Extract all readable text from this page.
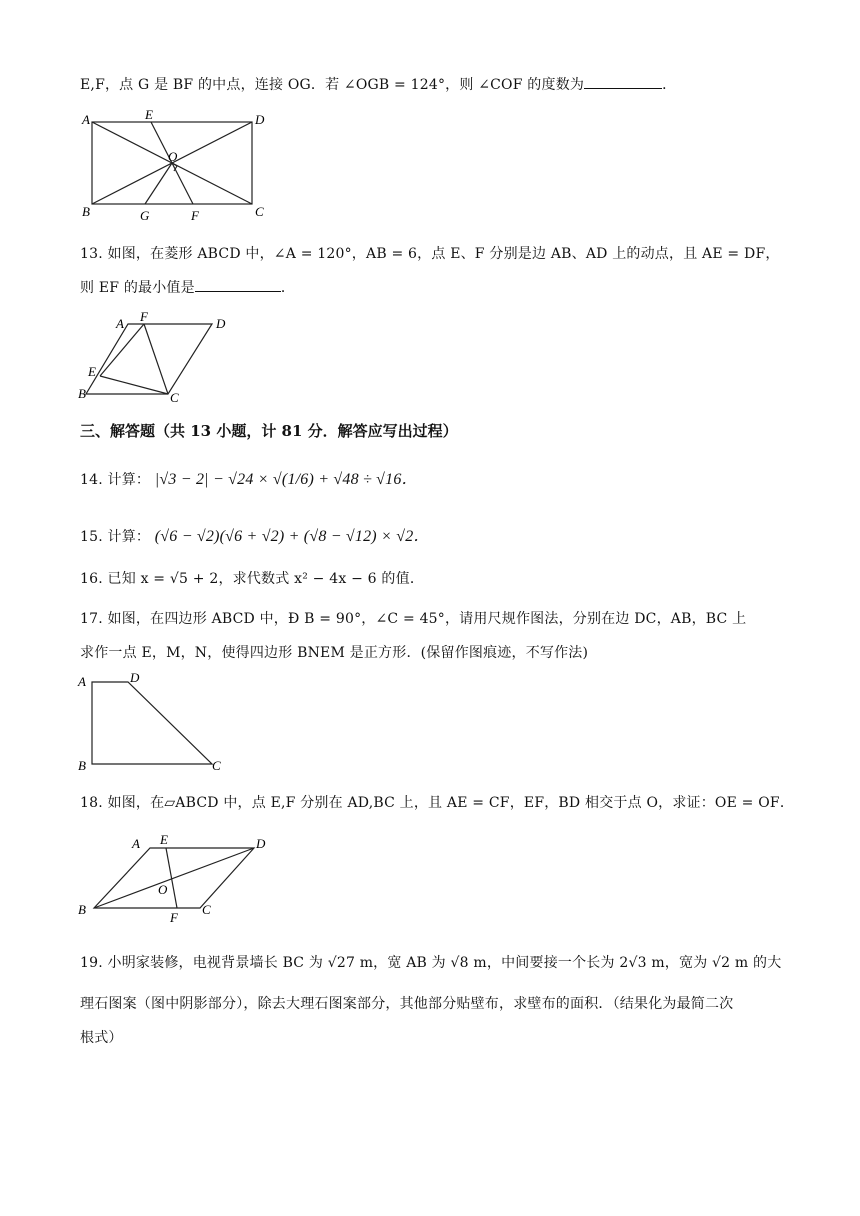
E,F，点 G 是 BF 的中点，连接 OG．若 ∠OGB = 124°，则 ∠COF 的度数为	．
A	E	D
O
B	G	F	C
13. 如图，在菱形 ABCD 中，∠A = 120°，AB = 6，点 E、F 分别是边 AB、AD 上的动点，且 AE = DF，
则 EF 的最小值是	．
A F	D
E
B	C
三、解答题（共 13 小题，计 81 分．解答应写出过程）
14. 计算： |√3 − 2| − √24 × √(1/6) + √48 ÷ √16．
15. 计算： (√6 − √2)(√6 + √2) + (√8 − √12) × √2．
16. 已知 x = √5 + 2，求代数式 x² − 4x − 6 的值．
17. 如图，在四边形 ABCD 中，Ð B = 90°，∠C = 45°，请用尺规作图法，分别在边 DC，AB，BC 上
求作一点 E，M，N，使得四边形 BNEM 是正方形．(保留作图痕迹，不写作法)
A	D
B	C
18. 如图，在▱ABCD 中，点 E,F 分别在 AD,BC 上，且 AE = CF，EF，BD 相交于点 O，求证：OE = OF．
A E	D
O
B
F
C
19. 小明家装修，电视背景墙长 BC 为 √27 m，宽 AB 为 √8 m，中间要接一个长为 2√3 m，宽为 √2 m 的大
理石图案（图中阴影部分），除去大理石图案部分，其他部分贴壁布，求壁布的面积．（结果化为最简二次
根式）
